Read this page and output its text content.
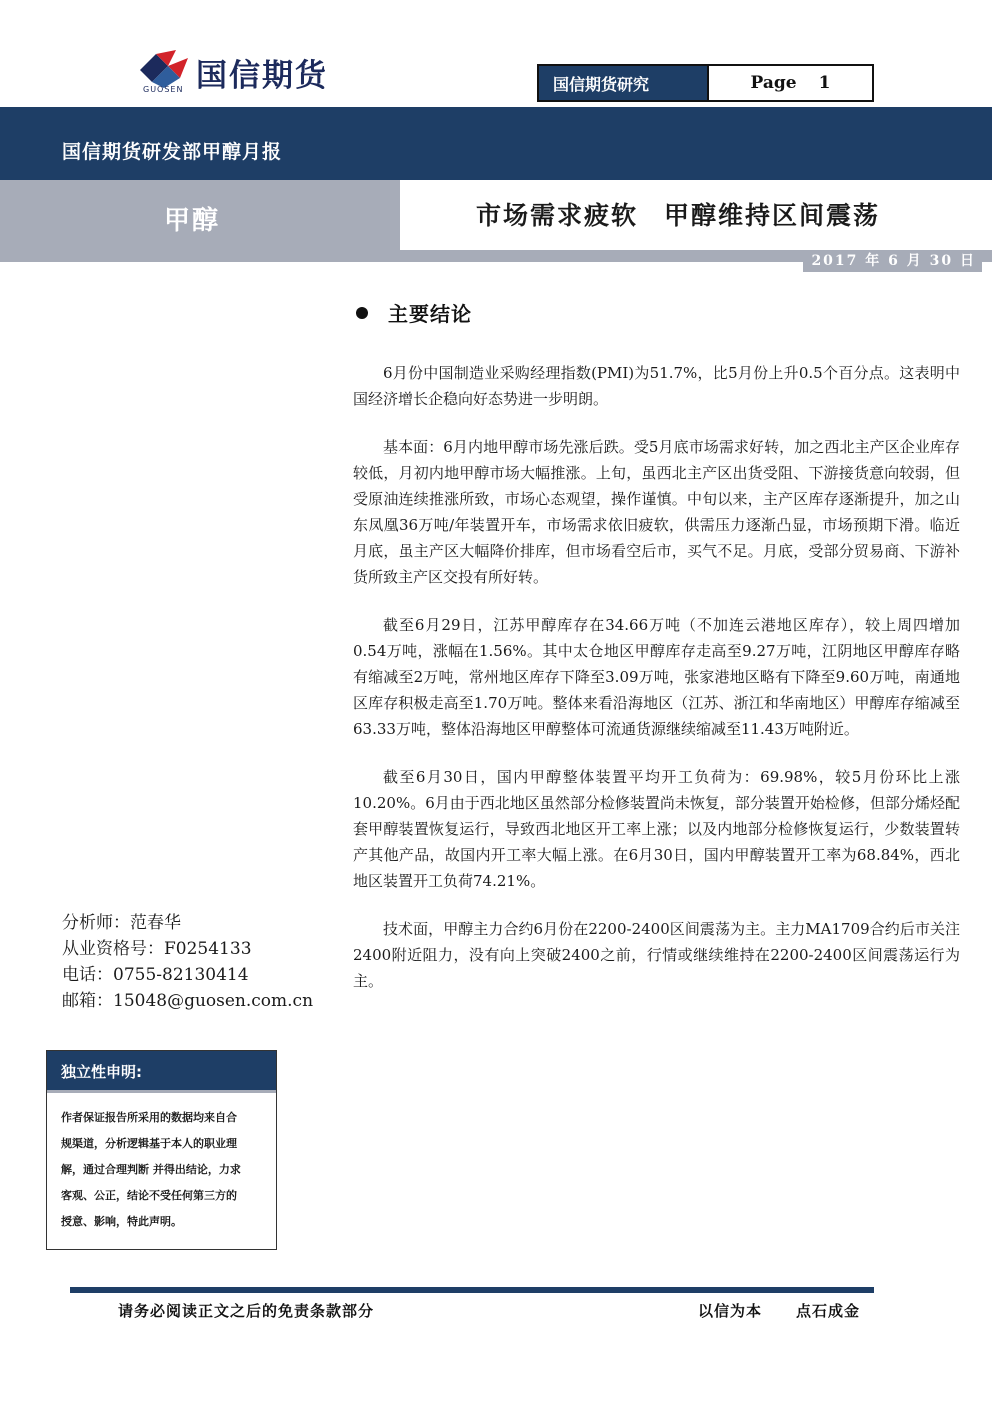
国信期货
GUOSEN	国信期货研究	Page 1
国信期货研发部甲醇月报
甲醇	市场需求疲软 甲醇维持区间震荡
2017 年 6 月 30 日
主要结论

6月份中国制造业采购经理指数(PMI)为51.7%，比5月份上升0.5个百分点。这表明中国经济增长企稳向好态势进一步明朗。

基本面：6月内地甲醇市场先涨后跌。受5月底市场需求好转，加之西北主产区企业库存较低，月初内地甲醇市场大幅推涨。上旬，虽西北主产区出货受阻、下游接货意向较弱，但受原油连续推涨所致，市场心态观望，操作谨慎。中旬以来，主产区库存逐渐提升，加之山东凤凰36万吨/年装置开车，市场需求依旧疲软，供需压力逐渐凸显，市场预期下滑。临近月底，虽主产区大幅降价排库，但市场看空后市，买气不足。月底，受部分贸易商、下游补货所致主产区交投有所好转。

截至6月29日，江苏甲醇库存在34.66万吨（不加连云港地区库存），较上周四增加0.54万吨，涨幅在1.56%。其中太仓地区甲醇库存走高至9.27万吨，江阴地区甲醇库存略有缩减至2万吨，常州地区库存下降至3.09万吨，张家港地区略有下降至9.60万吨，南通地区库存积极走高至1.70万吨。整体来看沿海地区（江苏、浙江和华南地区）甲醇库存缩减至63.33万吨，整体沿海地区甲醇整体可流通货源继续缩减至11.43万吨附近。

截至6月30日，国内甲醇整体装置平均开工负荷为：69.98%，较5月份环比上涨10.20%。6月由于西北地区虽然部分检修装置尚未恢复，部分装置开始检修，但部分烯烃配套甲醇装置恢复运行，导致西北地区开工率上涨；以及内地部分检修恢复运行，少数装置转产其他产品，故国内开工率大幅上涨。在6月30日，国内甲醇装置开工率为68.84%，西北地区装置开工负荷74.21%。

技术面，甲醇主力合约6月份在2200-2400区间震荡为主。主力MA1709合约后市关注2400附近阻力，没有向上突破2400之前，行情或继续维持在2200-2400区间震荡运行为主。

分析师：范春华
从业资格号：F0254133
电话：0755-82130414
邮箱：15048@guosen.com.cn
独立性申明:
作者保证报告所采用的数据均来自合
规渠道，分析逻辑基于本人的职业理
解，通过合理判断 并得出结论，力求
客观、公正，结论不受任何第三方的
授意、影响，特此声明。
请务必阅读正文之后的免责条款部分	以信为本 点石成金
